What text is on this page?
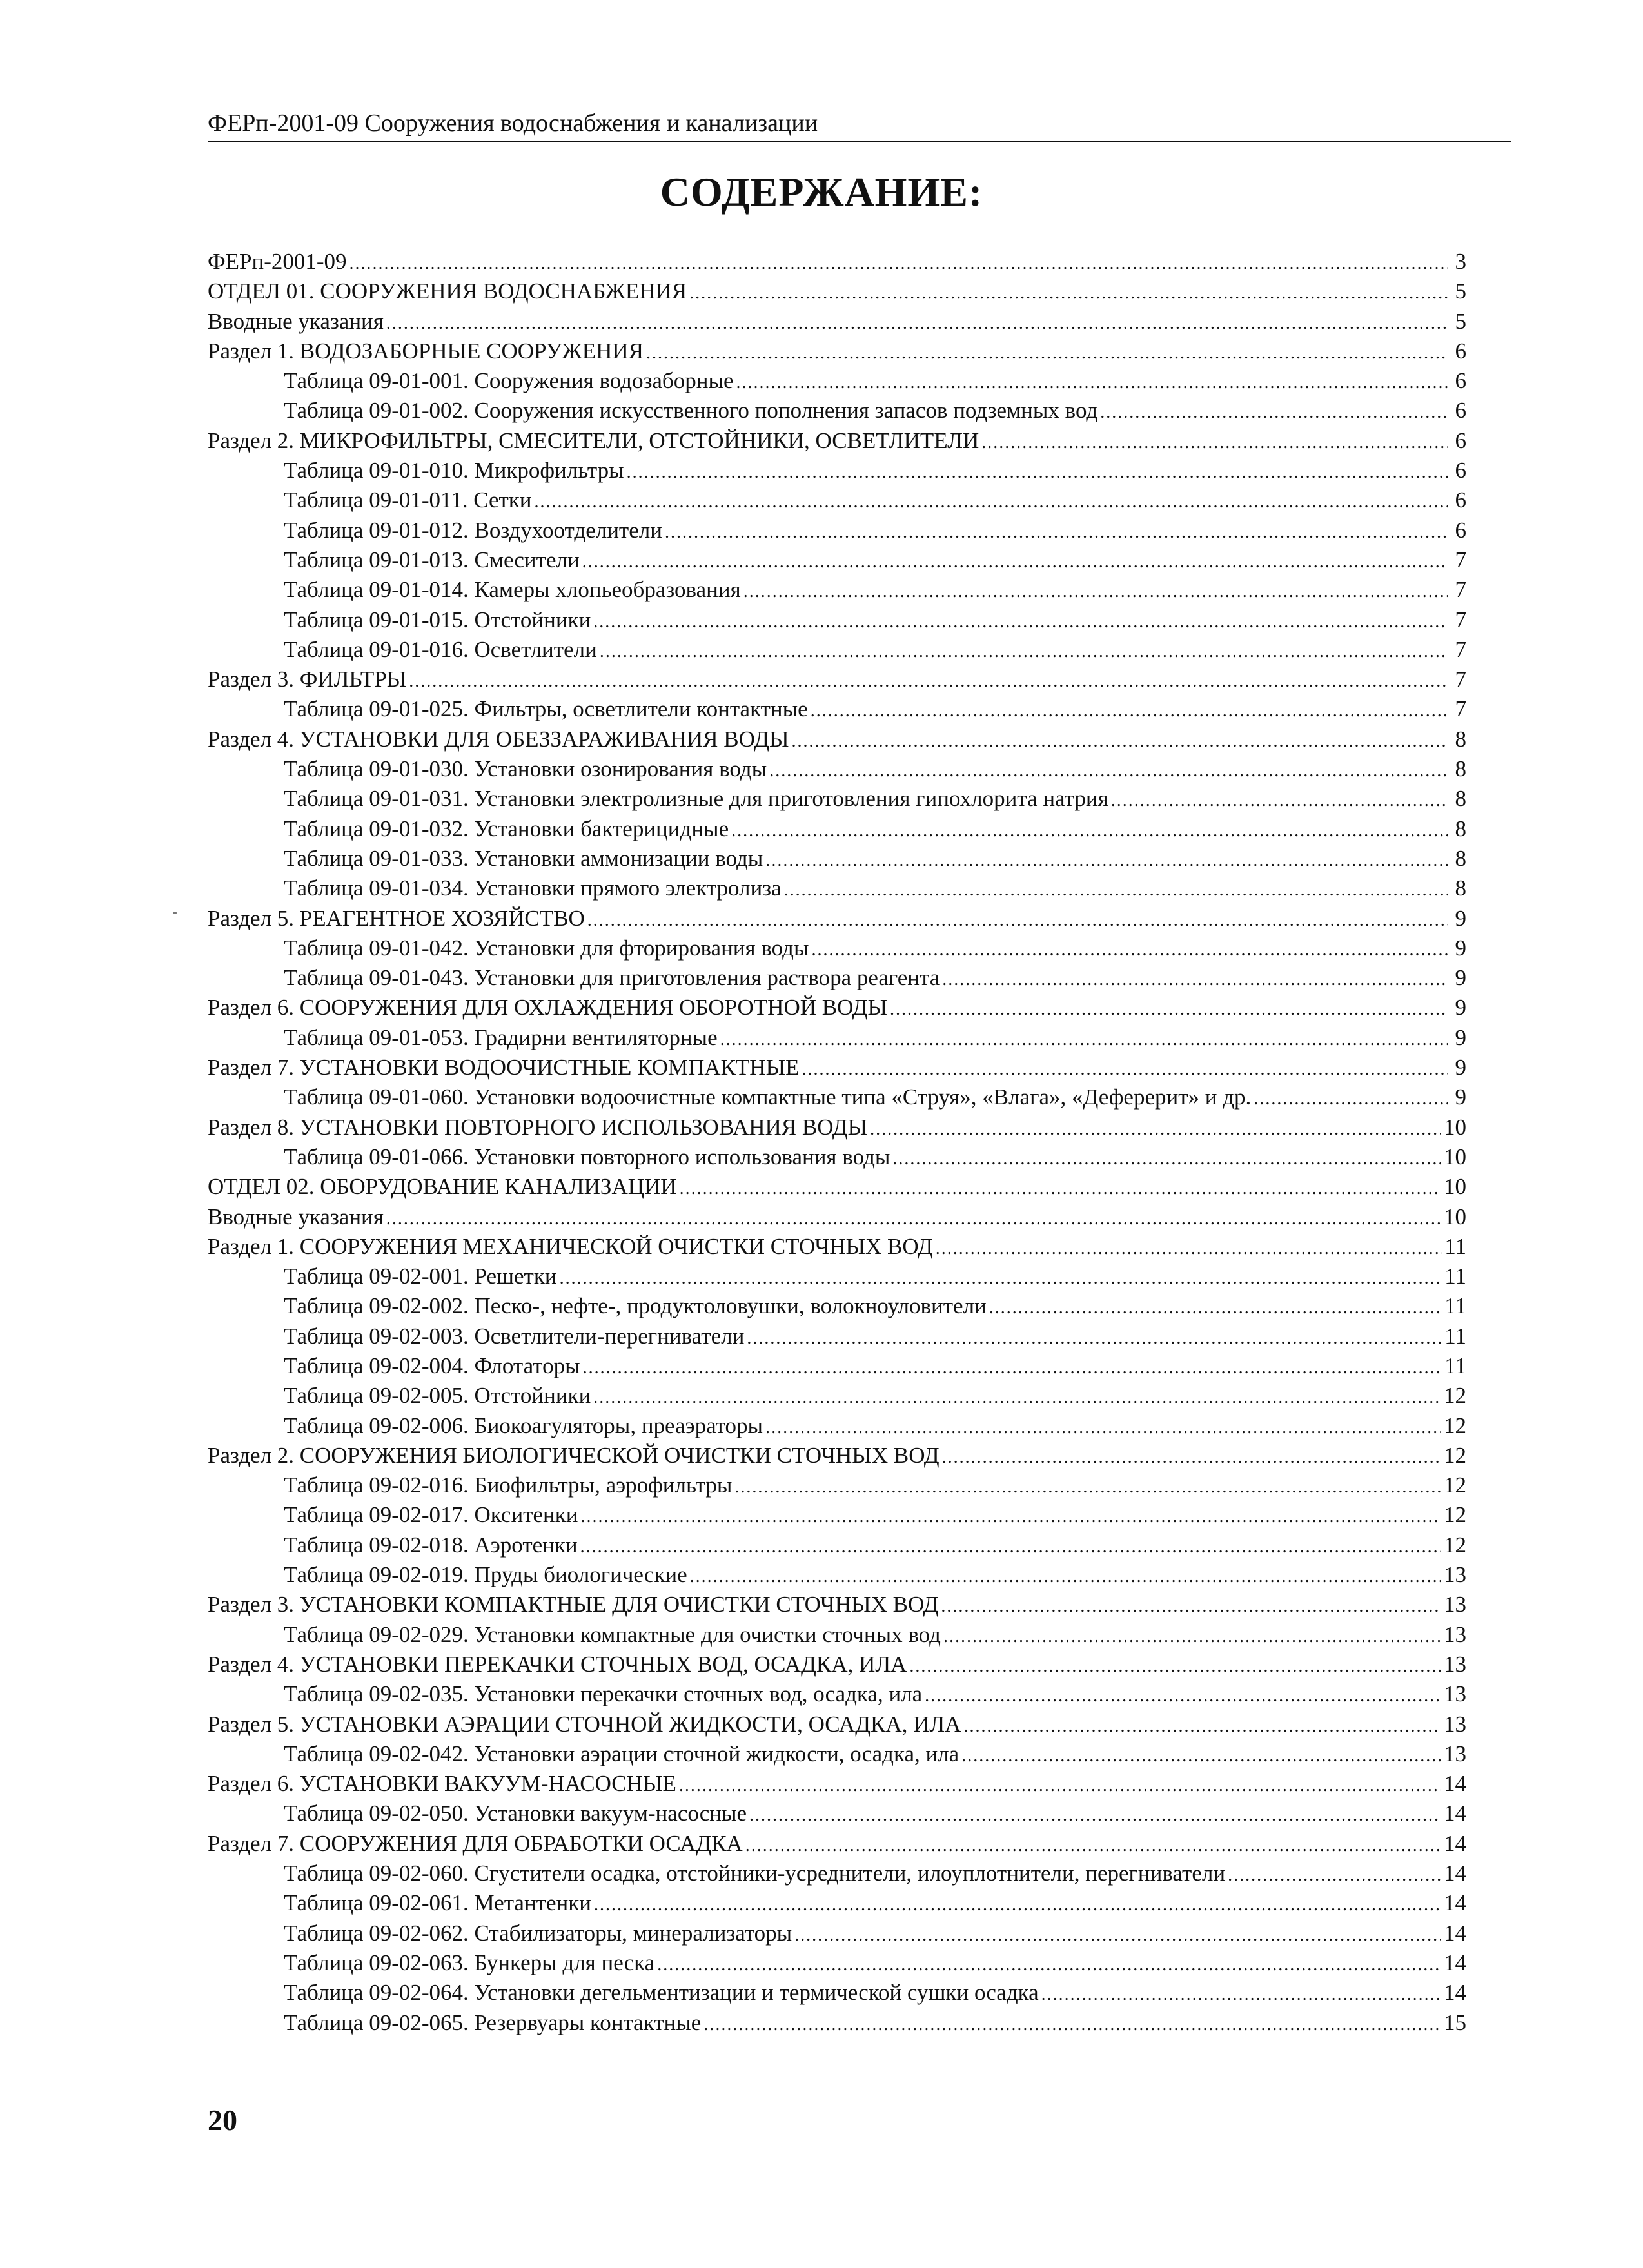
ФЕРп-2001-09 Сооружения водоснабжения и канализации
СОДЕРЖАНИЕ:
ФЕРп-2001-09 .....	3
ОТДЕЛ 01. СООРУЖЕНИЯ ВОДОСНАБЖЕНИЯ .....	5
Вводные указания .....	5
Раздел 1. ВОДОЗАБОРНЫЕ СООРУЖЕНИЯ .....	6
Таблица 09-01-001. Сооружения водозаборные .....	6
Таблица 09-01-002. Сооружения искусственного пополнения запасов подземных вод .....	6
Раздел 2. МИКРОФИЛЬТРЫ, СМЕСИТЕЛИ, ОТСТОЙНИКИ, ОСВЕТЛИТЕЛИ .....	6
Таблица 09-01-010. Микрофильтры .....	6
Таблица 09-01-011. Сетки .....	6
Таблица 09-01-012. Воздухоотделители .....	6
Таблица 09-01-013. Смесители .....	7
Таблица 09-01-014. Камеры хлопьеобразования .....	7
Таблица 09-01-015. Отстойники .....	7
Таблица 09-01-016. Осветлители .....	7
Раздел 3. ФИЛЬТРЫ .....	7
Таблица 09-01-025. Фильтры, осветлители контактные .....	7
Раздел 4. УСТАНОВКИ ДЛЯ ОБЕЗЗАРАЖИВАНИЯ ВОДЫ .....	8
Таблица 09-01-030. Установки озонирования воды .....	8
Таблица 09-01-031. Установки электролизные для приготовления гипохлорита натрия .....	8
Таблица 09-01-032. Установки бактерицидные .....	8
Таблица 09-01-033. Установки аммонизации воды .....	8
Таблица 09-01-034. Установки прямого электролиза .....	8
Раздел 5. РЕАГЕНТНОЕ ХОЗЯЙСТВО .....	9
Таблица 09-01-042. Установки для фторирования воды .....	9
Таблица 09-01-043. Установки для приготовления раствора реагента .....	9
Раздел 6. СООРУЖЕНИЯ ДЛЯ ОХЛАЖДЕНИЯ ОБОРОТНОЙ ВОДЫ .....	9
Таблица 09-01-053. Градирни вентиляторные .....	9
Раздел 7. УСТАНОВКИ ВОДООЧИСТНЫЕ КОМПАКТНЫЕ .....	9
Таблица 09-01-060. Установки водоочистные компактные типа «Струя», «Влага», «Деферерит» и др. .....	9
Раздел 8. УСТАНОВКИ ПОВТОРНОГО ИСПОЛЬЗОВАНИЯ ВОДЫ .....	10
Таблица 09-01-066. Установки повторного использования воды .....	10
ОТДЕЛ 02. ОБОРУДОВАНИЕ КАНАЛИЗАЦИИ .....	10
Вводные указания .....	10
Раздел 1. СООРУЖЕНИЯ МЕХАНИЧЕСКОЙ ОЧИСТКИ СТОЧНЫХ ВОД .....	11
Таблица 09-02-001. Решетки .....	11
Таблица 09-02-002. Песко-, нефте-, продуктоловушки, волокноуловители .....	11
Таблица 09-02-003. Осветлители-перегниватели .....	11
Таблица 09-02-004. Флотаторы .....	11
Таблица 09-02-005. Отстойники .....	12
Таблица 09-02-006. Биокоагуляторы, преаэраторы .....	12
Раздел 2. СООРУЖЕНИЯ БИОЛОГИЧЕСКОЙ ОЧИСТКИ СТОЧНЫХ ВОД .....	12
Таблица 09-02-016. Биофильтры, аэрофильтры .....	12
Таблица 09-02-017. Окситенки .....	12
Таблица 09-02-018. Аэротенки .....	12
Таблица 09-02-019. Пруды биологические .....	13
Раздел 3. УСТАНОВКИ КОМПАКТНЫЕ ДЛЯ ОЧИСТКИ СТОЧНЫХ ВОД .....	13
Таблица 09-02-029. Установки компактные для очистки сточных вод .....	13
Раздел 4. УСТАНОВКИ ПЕРЕКАЧКИ СТОЧНЫХ ВОД, ОСАДКА, ИЛА .....	13
Таблица 09-02-035. Установки перекачки сточных вод, осадка, ила .....	13
Раздел 5. УСТАНОВКИ АЭРАЦИИ СТОЧНОЙ ЖИДКОСТИ, ОСАДКА, ИЛА .....	13
Таблица 09-02-042. Установки аэрации сточной жидкости, осадка, ила .....	13
Раздел 6. УСТАНОВКИ ВАКУУМ-НАСОСНЫЕ .....	14
Таблица 09-02-050. Установки вакуум-насосные .....	14
Раздел 7. СООРУЖЕНИЯ ДЛЯ ОБРАБОТКИ ОСАДКА .....	14
Таблица 09-02-060. Сгустители осадка, отстойники-усреднители, илоуплотнители, перегниватели .....	14
Таблица 09-02-061. Метантенки .....	14
Таблица 09-02-062. Стабилизаторы, минерализаторы .....	14
Таблица 09-02-063. Бункеры для песка .....	14
Таблица 09-02-064. Установки дегельментизации и термической сушки осадка .....	14
Таблица 09-02-065. Резервуары контактные .....	15
20
